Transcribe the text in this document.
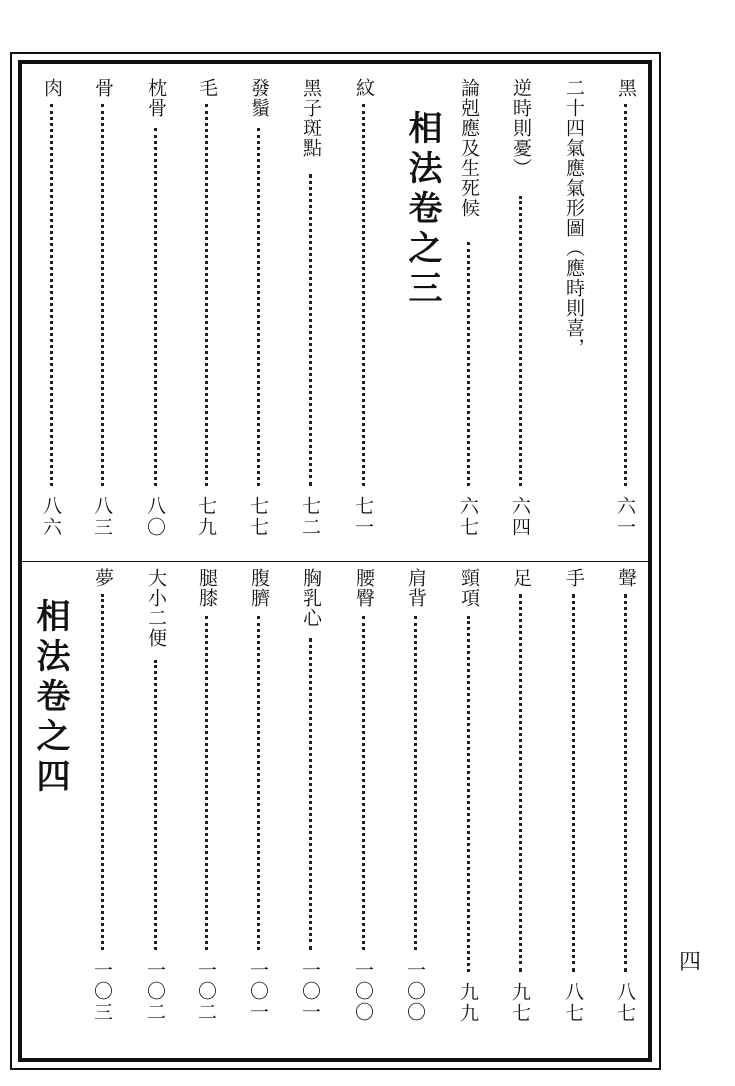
相法卷之三
相法卷之四
黑
六一
二十四氣應氣形圖（應時則喜，
逆時則憂）
六四
論剋應及生死候
六七
紋
七一
黑子斑點
七二
發鬚
七七
毛
七九
枕骨
八〇
骨
八三
肉
八六
聲
八七
手
八七
足
九七
頸項
九九
肩背
一〇〇
腰臀
一〇〇
胸乳心
一〇一
腹臍
一〇一
腿膝
一〇二
大小二便
一〇二
夢
一〇三	四
